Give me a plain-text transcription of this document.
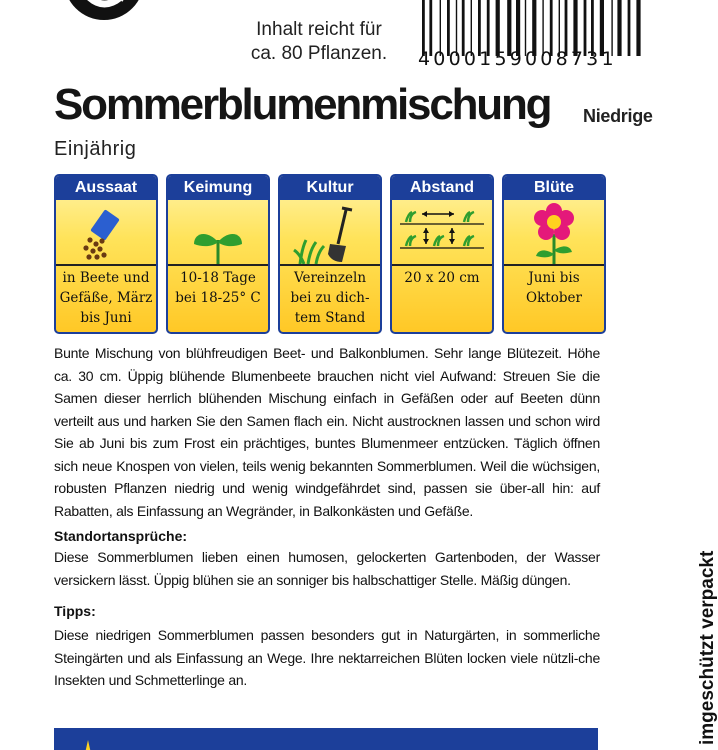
Inhalt reicht für
ca. 80 Pflanzen.	4000159008731
Sommerblumenmischung Niedrige
Einjährig
Aussaat
in Beete und
Gefäße, März
bis Juni
Keimung
10-18 Tage
bei 18-25° C
Kultur
Vereinzeln
bei zu dich-
tem Stand
Abstand
20 x 20 cm
Blüte
Juni bis
Oktober
Bunte Mischung von blühfreudigen Beet- und Balkonblumen. Sehr lange Blütezeit. Höhe ca. 30 cm. Üppig blühende Blumenbeete brauchen nicht viel Aufwand: Streuen Sie die Samen dieser herrlich blühenden Mischung einfach in Gefäßen oder auf Beeten dünn verteilt aus und harken Sie den Samen flach ein. Nicht austrocknen lassen und schon wird Sie ab Juni bis zum Frost ein prächtiges, buntes Blumenmeer entzücken. Täglich öffnen sich neue Knospen von vielen, teils wenig bekannten Sommerblumen. Weil die wüchsigen, robusten Pflanzen niedrig und wenig windgefährdet sind, passen sie über-all hin: auf Rabatten, als Einfassung an Wegränder, in Balkonkästen und Gefäße.
Standortansprüche:
Diese Sommerblumen lieben einen humosen, gelockerten Gartenboden, der Wasser versickern lässt. Üppig blühen sie an sonniger bis halbschattiger Stelle. Mäßig düngen.
Tipps:
Diese niedrigen Sommerblumen passen besonders gut in Naturgärten, in sommerliche Steingärten und als Einfassung an Wege. Ihre nektarreichen Blüten locken viele nützli-che Insekten und Schmetterlinge an.	imgeschützt verpackt
